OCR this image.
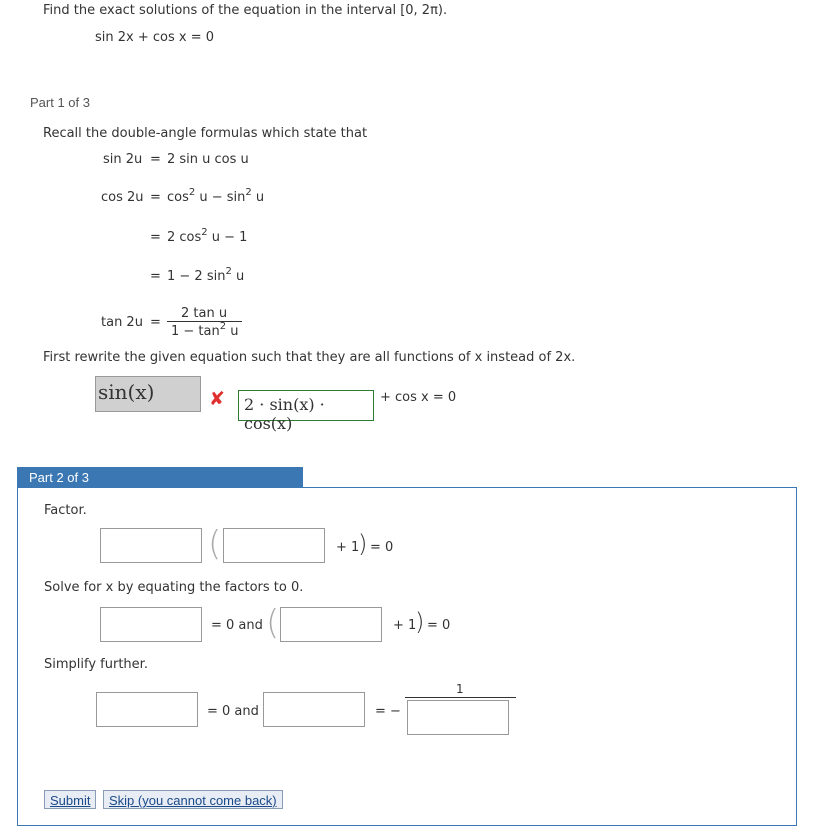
Find the exact solutions of the equation in the interval [0, 2π).
sin 2x + cos x = 0
Part 1 of 3
Recall the double-angle formulas which state that
sin 2u = 2 sin u cos u
$\cos 2u = \cos^2 u - \sin^2 u$
= 2 $\cos^2 u - 1$
= 1 − 2 $\sin^2 u$
tan 2u =
2 tan u
$1 - \tan^2 u$
First rewrite the given equation such that they are all functions of x instead of 2x.
sin(x)	✘	2 · sin(x) · cos(x)
+ cos x = 0
Part 2 of 3
Factor.
(	+ 1
) = 0
Solve for x by equating the factors to 0.
= 0 and (	+ 1
) = 0
Simplify further.
= 0 and	= −
1
Submit	Skip (you cannot come back)
